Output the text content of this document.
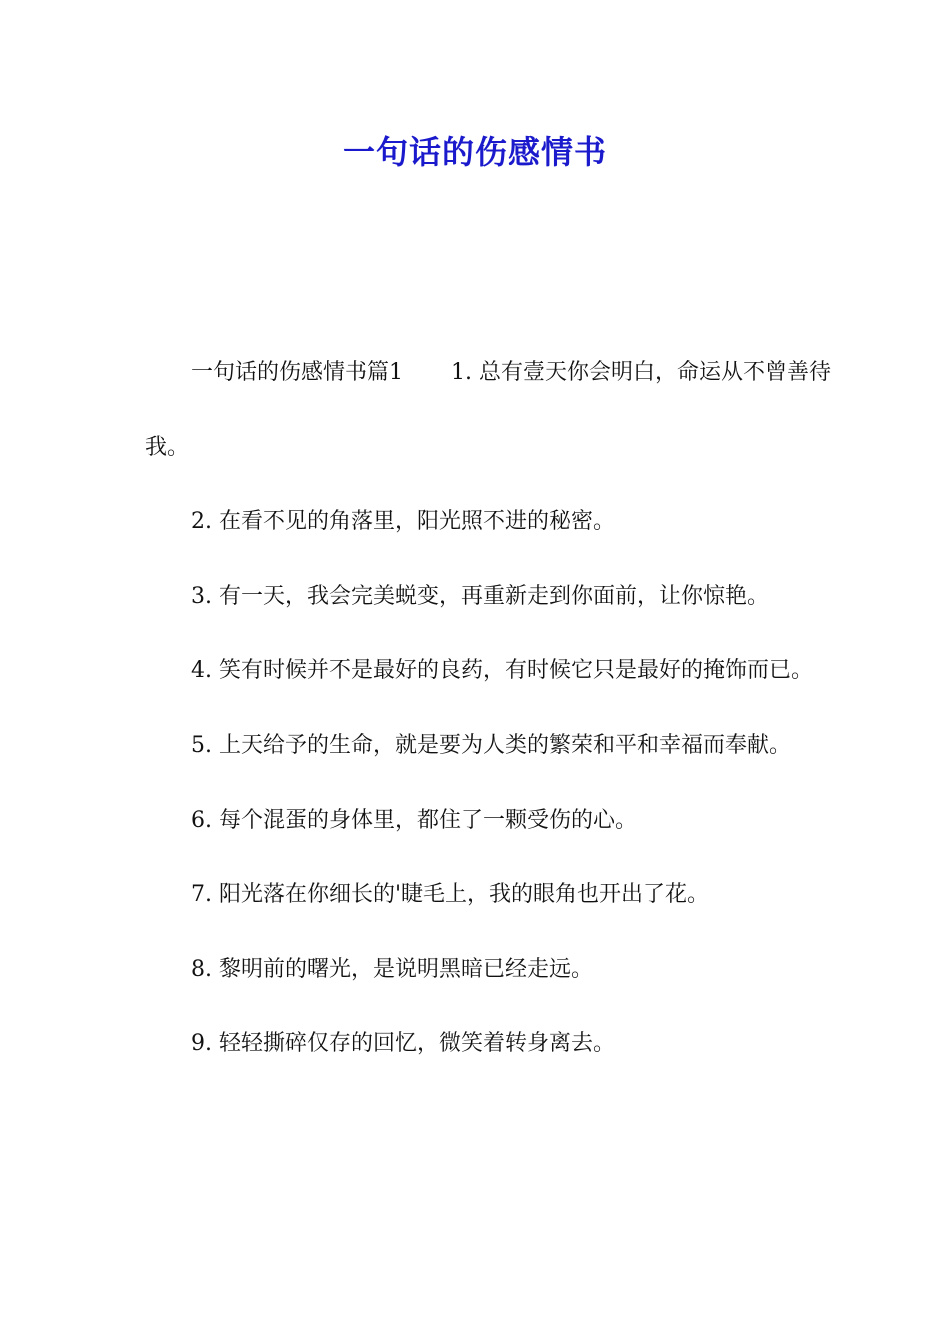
一句话的伤感情书

一句话的伤感情书篇1 1. 总有壹天你会明白，命运从不曾善待我。

2. 在看不见的角落里，阳光照不进的秘密。

3. 有一天，我会完美蜕变，再重新走到你面前，让你惊艳。

4. 笑有时候并不是最好的良药，有时候它只是最好的掩饰而已。

5. 上天给予的生命，就是要为人类的繁荣和平和幸福而奉献。

6. 每个混蛋的身体里，都住了一颗受伤的心。

7. 阳光落在你细长的'睫毛上，我的眼角也开出了花。

8. 黎明前的曙光，是说明黑暗已经走远。

9. 轻轻撕碎仅存的回忆，微笑着转身离去。
